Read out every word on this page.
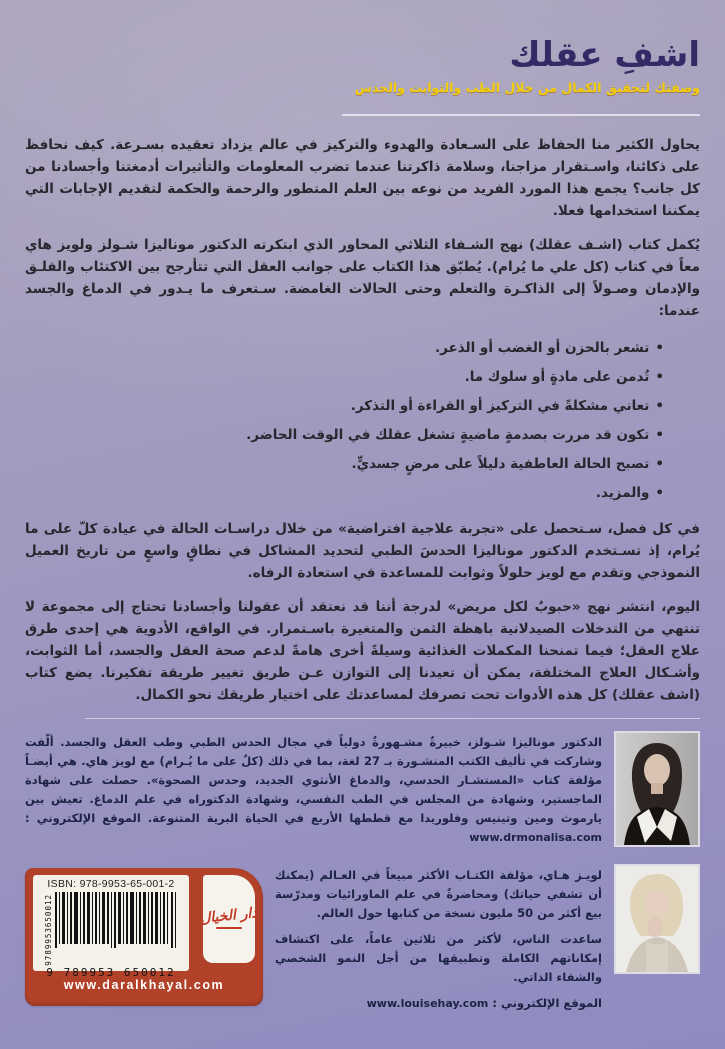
اشفِ عقلك
وصفتك لتحقيق الكمال من خلال الطب والثوابت والحدس

يحاول الكثير منا الحفاظ على السـعادة والهدوء والتركيز في عالم يزداد تعقيده بسـرعة. كيف نحافظ على ذكائنا، واسـتقرار مزاجنا، وسلامة ذاكرتنا عندما تضرب المعلومات والتأثيرات أدمغتنا وأجسادنا من كل جانب؟ يجمع هذا المورد الفريد من نوعه بين العلم المتطور والرحمة والحكمة لتقديم الإجابات التي يمكننا استخدامها فعلا.

يُكمل كتاب (اشـف عقلك) نهج الشـفاء الثلاثي المحاور الذي ابتكرته الدكتور موناليزا شـولز ولويز هاي معاً في كتاب (كل علي ما يُرام). يُطبّق هذا الكتاب على جوانب العقل التي تتأرجح بين الاكتئاب والقلـق والإدمان وصـولاً إلى الذاكـرة والتعلم وحتى الحالات الغامضة. سـتعرف ما يـدور في الدماغ والجسد عندما:

•تشعر بالحزن أو الغضب أو الذعر.
•تُدمن على مادةٍ أو سلوك ما.
•تعاني مشكلةً في التركيز أو القراءة أو التذكر.
•تكون قد مررت بصدمةٍ ماضيةٍ تشغل عقلك في الوقت الحاضر.
•تصبح الحالة العاطفية دليلاً على مرضٍ جسديٍّ.
•والمزيد.

في كل فصل، سـتحصل على «تجربة علاجية افتراضية» من خلال دراسـات الحالة في عيادة كلّ على ما يُرام، إذ تسـتخدم الدكتور موناليزا الحدسَ الطبي لتحديد المشاكل في نطاقٍ واسعٍ من تاريخ العميل النموذجي وتقدم مع لويز حلولاً وثوابت للمساعدة في استعادة الرفاه.

اليوم، انتشر نهج «حبوبٌ لكل مريض» لدرجة أننا قد نعتقد أن عقولنا وأجسادنا تحتاج إلى مجموعة لا تنتهي من التدخلات الصيدلانية باهظة الثمن والمتغيرة باسـتمرار. في الواقع، الأدوية هي إحدى طرق علاج العقل؛ فيما تمنحنا المكملات الغذائية وسيلةً أخرى هامةً لدعم صحة العقل والجسد، أما الثوابت، وأشـكال العلاج المختلفة، يمكن أن تعيدنا إلى التوازن عـن طريق تغيير طريقة تفكيرنا. يضع كتاب (اشف عقلك) كل هذه الأدوات تحت تصرفك لمساعدتك على اختيار طريقك نحو الكمال.

الدكتور موناليزا شـولز، خبيرةٌ مشـهورةٌ دولياً في مجال الحدس الطبي وطب العقل والجسد. ألّفت وشاركت في تأليف الكتب المنشـورة بـ 27 لغة، بما في ذلك (كلٌ على ما يُـرام) مع لويز هاي. هي أيضـاً مؤلفة كتاب «المستشـار الحدسي، والدماغ الأنثوي الجديد، وحدس الصحوة». حصلت على شهادة الماجستير، وشهادة من المجلس في الطب النفسي، وشهادة الدكتوراه في علم الدماغ. تعيش بين يارموث ومين وتينيس وفلوريدا مع قططها الأربع في الحياة البرية المتنوعة. الموقع الإلكتروني : www.drmonalisa.com

لويـز هـاي، مؤلفة الكتـاب الأكثر مبيعاً في العـالم (يمكنك أن تشفي حياتك) ومحاضرةٌ في علم الماورائيات ومدرّسة بيع أكثر من 50 مليون نسخة من كتابها حول العالم.

ساعدت الناس، لأكثر من ثلاثين عاماً، على اكتشاف إمكاناتهم الكاملة وتطبيقها من أجل النمو الشخصي والشفاء الذاتي.

الموقع الإلكتروني : www.louisehay.com

ISBN: 978-9953-65-001-2
9789953650012
9 789953 650012
دار الخيال
www.daralkhayal.com
